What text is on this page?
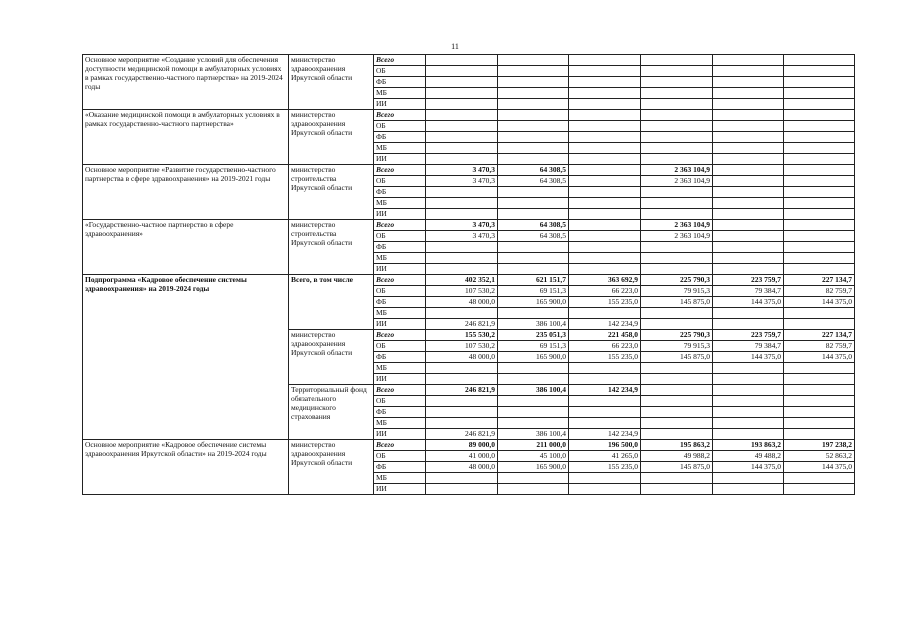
11
Основное мероприятие «Создание условий для обеспечения доступности медицинской помощи в амбулаторных условиях в рамках государственно-частного партнерства» на 2019-2024 годы	министерство здравоохранения Иркутской области	Всего						
		ОБ						
		ФБ						
		МБ						
		ИИ						
«Оказание медицинской помощи в амбулаторных условиях в рамках государственно-частного партнерства»	министерство здравоохранения Иркутской области	Всего						
		ОБ						
		ФБ						
		МБ						
		ИИ						
Основное мероприятие «Развитие государственно-частного партнерства в сфере здравоохранения» на 2019-2021 годы	министерство строительства Иркутской области	Всего	3 470,3	64 308,5		2 363 104,9		
		ОБ	3 470,3	64 308,5		2 363 104,9		
		ФБ						
		МБ						
		ИИ						
«Государственно-частное партнерство в сфере здравоохранения»	министерство строительства Иркутской области	Всего	3 470,3	64 308,5		2 363 104,9		
		ОБ	3 470,3	64 308,5		2 363 104,9		
		ФБ						
		МБ						
		ИИ						
Подпрограмма «Кадровое обеспечение системы здравоохранения» на 2019-2024 годы	Всего, в том числе	Всего	402 352,1	621 151,7	363 692,9	225 790,3	223 759,7	227 134,7
		ОБ	107 530,2	69 151,3	66 223,0	79 915,3	79 384,7	82 759,7
		ФБ	48 000,0	165 900,0	155 235,0	145 875,0	144 375,0	144 375,0
		МБ						
		ИИ	246 821,9	386 100,4	142 234,9			
	министерство здравоохранения Иркутской области	Всего	155 530,2	235 051,3	221 458,0	225 790,3	223 759,7	227 134,7
		ОБ	107 530,2	69 151,3	66 223,0	79 915,3	79 384,7	82 759,7
		ФБ	48 000,0	165 900,0	155 235,0	145 875,0	144 375,0	144 375,0
		МБ						
		ИИ						
	Территориальный фонд обязательного медицинского страхования	Всего	246 821,9	386 100,4	142 234,9			
		ОБ						
		ФБ						
		МБ						
		ИИ	246 821,9	386 100,4	142 234,9			
Основное мероприятие «Кадровое обеспечение системы здравоохранения Иркутской области» на 2019-2024 годы	министерство здравоохранения Иркутской области	Всего	89 000,0	211 000,0	196 500,0	195 863,2	193 863,2	197 238,2
		ОБ	41 000,0	45 100,0	41 265,0	49 988,2	49 488,2	52 863,2
		ФБ	48 000,0	165 900,0	155 235,0	145 875,0	144 375,0	144 375,0
		МБ						
		ИИ						
